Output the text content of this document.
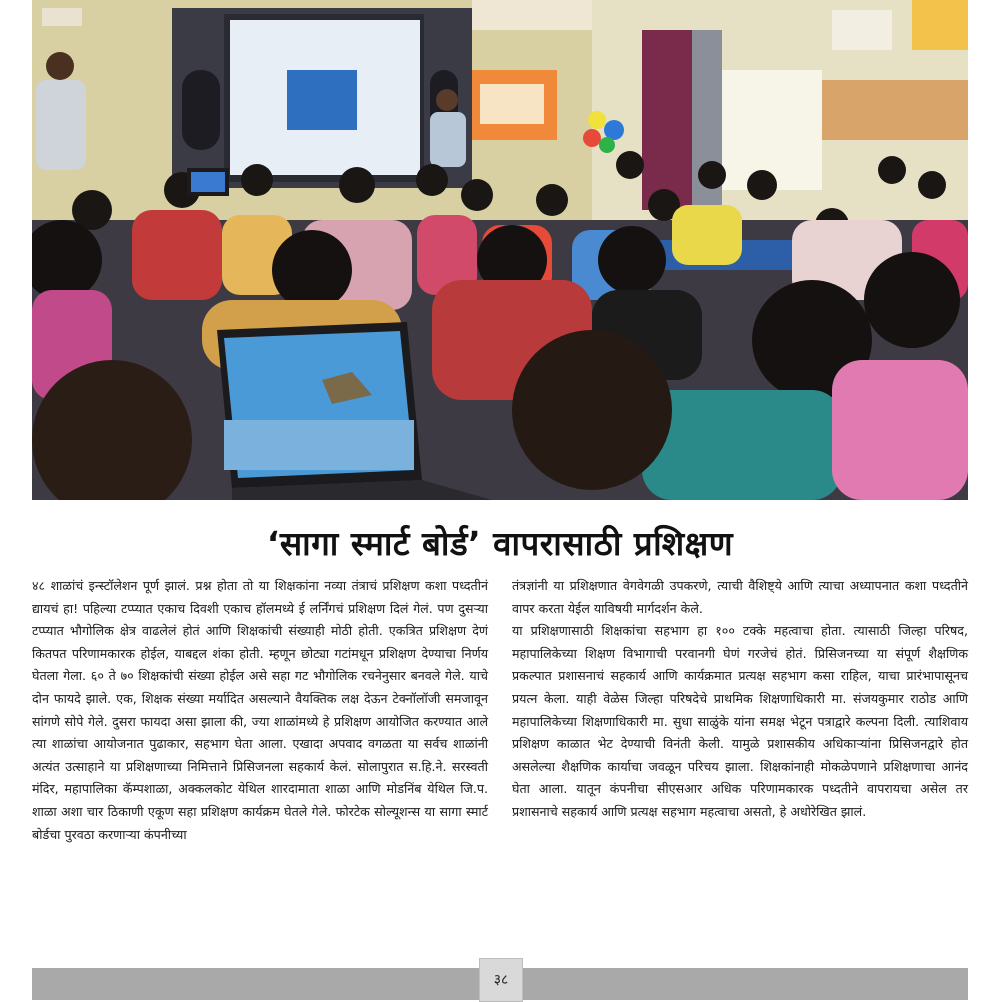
‘सागा स्मार्ट बोर्ड’ वापरासाठी प्रशिक्षण

४८ शाळांचं इन्स्टॉलेशन पूर्ण झालं. प्रश्न होता तो या शिक्षकांना नव्या तंत्राचं प्रशिक्षण कशा पध्दतीनं द्यायचं हा! पहिल्या टप्प्यात एकाच दिवशी एकाच हॉलमध्ये ई लर्निंगचं प्रशिक्षण दिलं गेलं. पण दुसऱ्या टप्प्यात भौगोलिक क्षेत्र वाढलेलं होतं आणि शिक्षकांची संख्याही मोठी होती. एकत्रित प्रशिक्षण देणं कितपत परिणामकारक होईल, याबद्दल शंका होती. म्हणून छोट्या गटांमधून प्रशिक्षण देण्याचा निर्णय घेतला गेला. ६० ते ७० शिक्षकांची संख्या होईल असे सहा गट भौगोलिक रचनेनुसार बनवले गेले. याचे दोन फायदे झाले. एक, शिक्षक संख्या मर्यादित असल्याने वैयक्तिक लक्ष देऊन टेक्नॉलॉजी समजावून सांगणे सोपे गेले. दुसरा फायदा असा झाला की, ज्या शाळांमध्ये हे प्रशिक्षण आयोजित करण्यात आले त्या शाळांचा आयोजनात पुढाकार, सहभाग घेता आला. एखादा अपवाद वगळता या सर्वच शाळांनी अत्यंत उत्साहाने या प्रशिक्षणाच्या निमित्ताने प्रिसिजनला सहकार्य केलं. सोलापुरात स.हि.ने. सरस्वती मंदिर, महापालिका कॅम्पशाळा, अक्कलकोट येथिल शारदामाता शाळा आणि मोडनिंब येथिल जि.प. शाळा अशा चार ठिकाणी एकूण सहा प्रशिक्षण कार्यक्रम घेतले गेले. फोरटेक सोल्यूशन्स या सागा स्मार्ट बोर्डचा पुरवठा करणाऱ्या कंपनीच्या

तंत्रज्ञांनी या प्रशिक्षणात वेगवेगळी उपकरणे, त्याची वैशिष्ट्ये आणि त्याचा अध्यापनात कशा पध्दतीने वापर करता येईल याविषयी मार्गदर्शन केले.

या प्रशिक्षणासाठी शिक्षकांचा सहभाग हा १०० टक्के महत्वाचा होता. त्यासाठी जिल्हा परिषद, महापालिकेच्या शिक्षण विभागाची परवानगी घेणं गरजेचं होतं. प्रिसिजनच्या या संपूर्ण शैक्षणिक प्रकल्पात प्रशासनाचं सहकार्य आणि कार्यक्रमात प्रत्यक्ष सहभाग कसा राहिल, याचा प्रारंभापासूनच प्रयत्न केला. याही वेळेस जिल्हा परिषदेचे प्राथमिक शिक्षणाधिकारी मा. संजयकुमार राठोड आणि महापालिकेच्या शिक्षणाधिकारी मा. सुधा साळुंके यांना समक्ष भेटून पत्राद्वारे कल्पना दिली. त्याशिवाय प्रशिक्षण काळात भेट देण्याची विनंती केली. यामुळे प्रशासकीय अधिकाऱ्यांना प्रिसिजनद्वारे होत असलेल्या शैक्षणिक कार्याचा जवळून परिचय झाला. शिक्षकांनाही मोकळेपणाने प्रशिक्षणाचा आनंद घेता आला. यातून कंपनीचा सीएसआर अधिक परिणामकारक पध्दतीने वापरायचा असेल तर प्रशासनाचे सहकार्य आणि प्रत्यक्ष सहभाग महत्वाचा असतो, हे अधोरेखित झालं.

३८
